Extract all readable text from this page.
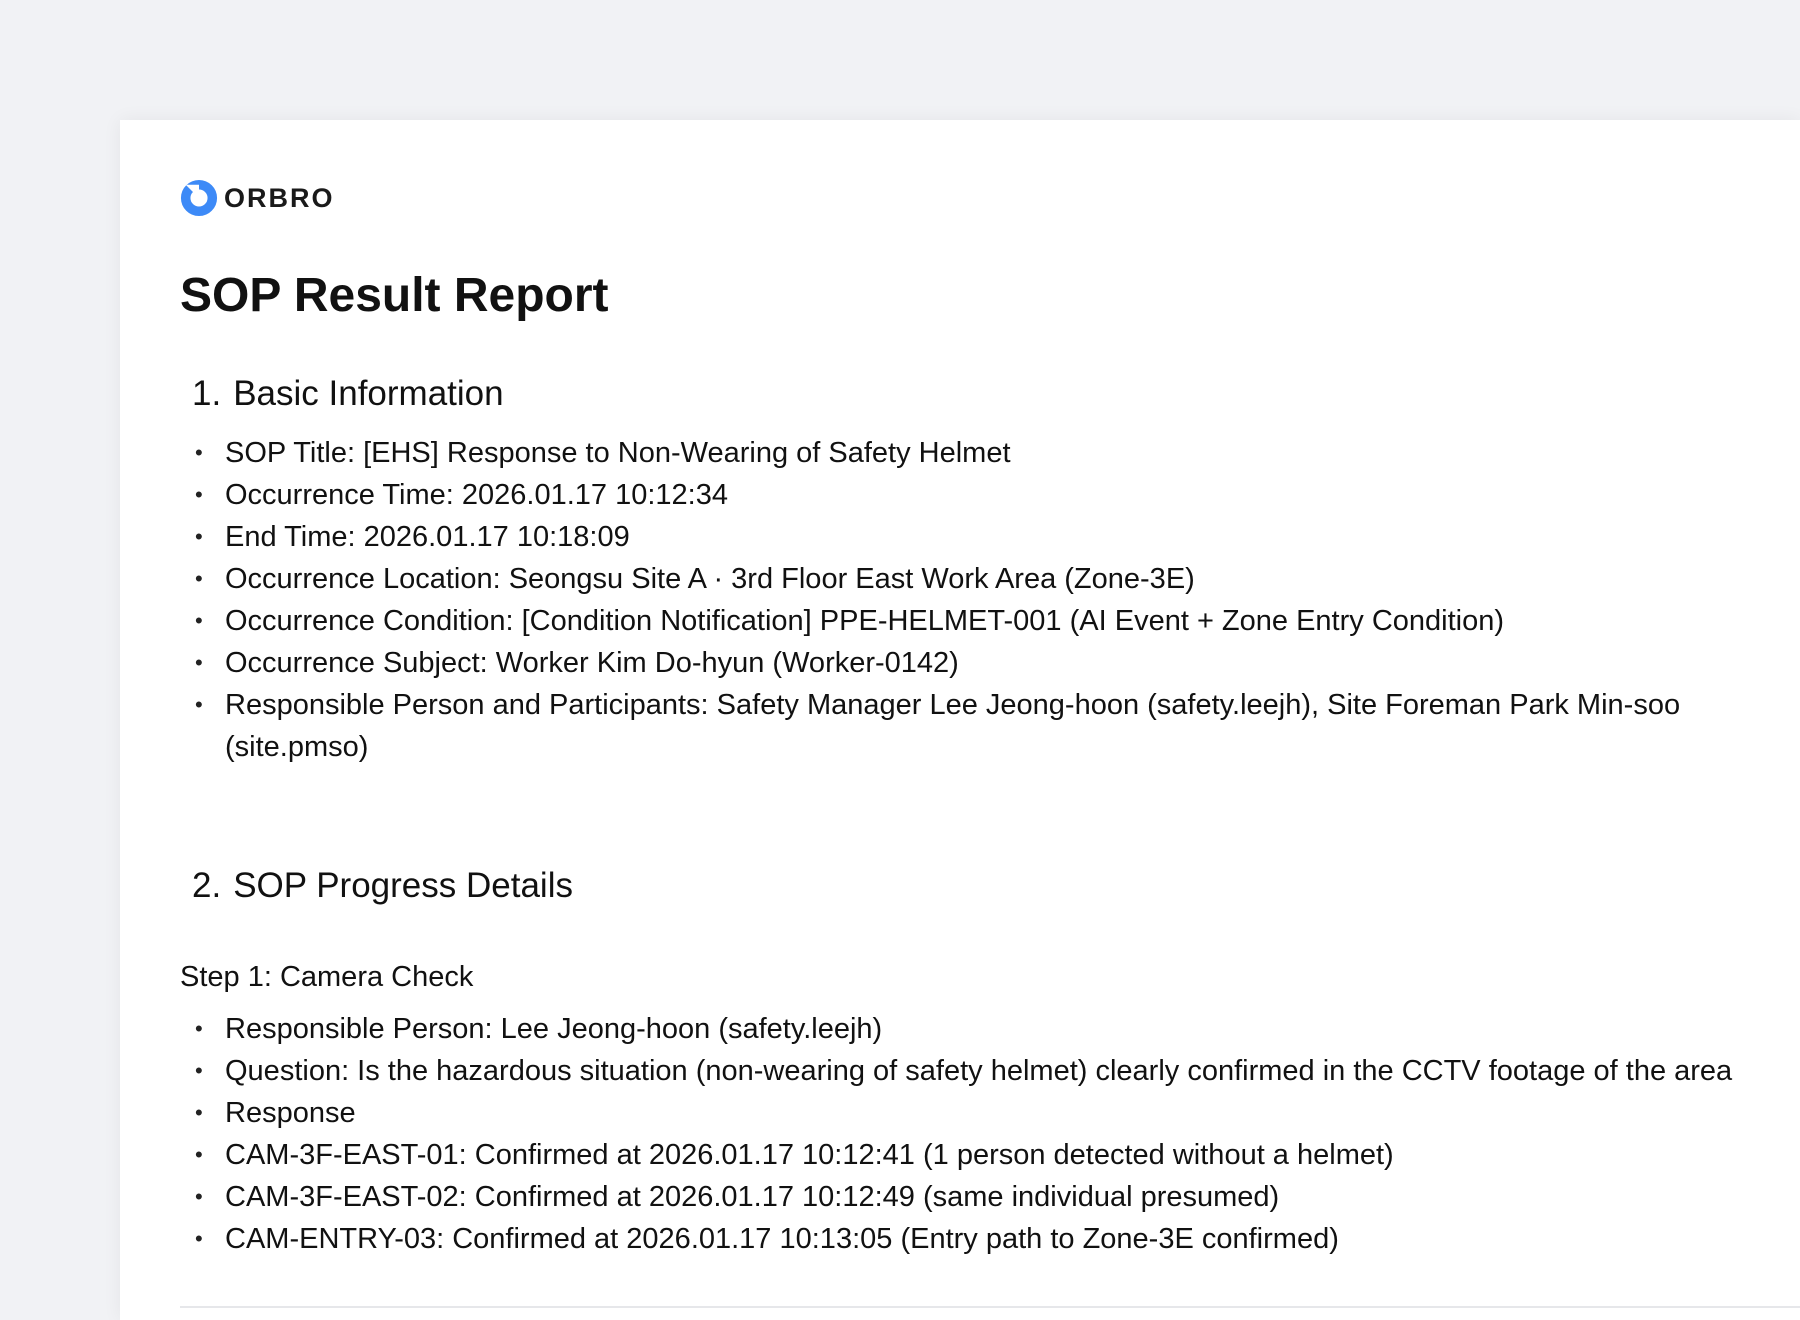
ORBRO
SOP Result Report
1. Basic Information
• SOP Title: [EHS] Response to Non-Wearing of Safety Helmet
• Occurrence Time: 2026.01.17 10:12:34
• End Time: 2026.01.17 10:18:09
• Occurrence Location: Seongsu Site A · 3rd Floor East Work Area (Zone-3E)
• Occurrence Condition: [Condition Notification] PPE-HELMET-001 (AI Event + Zone Entry Condition)
• Occurrence Subject: Worker Kim Do-hyun (Worker-0142)
• Responsible Person and Participants: Safety Manager Lee Jeong-hoon (safety.leejh), Site Foreman Park Min-soo (site.pmso)
2. SOP Progress Details
Step 1: Camera Check
• Responsible Person: Lee Jeong-hoon (safety.leejh)
• Question: Is the hazardous situation (non-wearing of safety helmet) clearly confirmed in the CCTV footage of the area
• Response
• CAM-3F-EAST-01: Confirmed at 2026.01.17 10:12:41 (1 person detected without a helmet)
• CAM-3F-EAST-02: Confirmed at 2026.01.17 10:12:49 (same individual presumed)
• CAM-ENTRY-03: Confirmed at 2026.01.17 10:13:05 (Entry path to Zone-3E confirmed)
